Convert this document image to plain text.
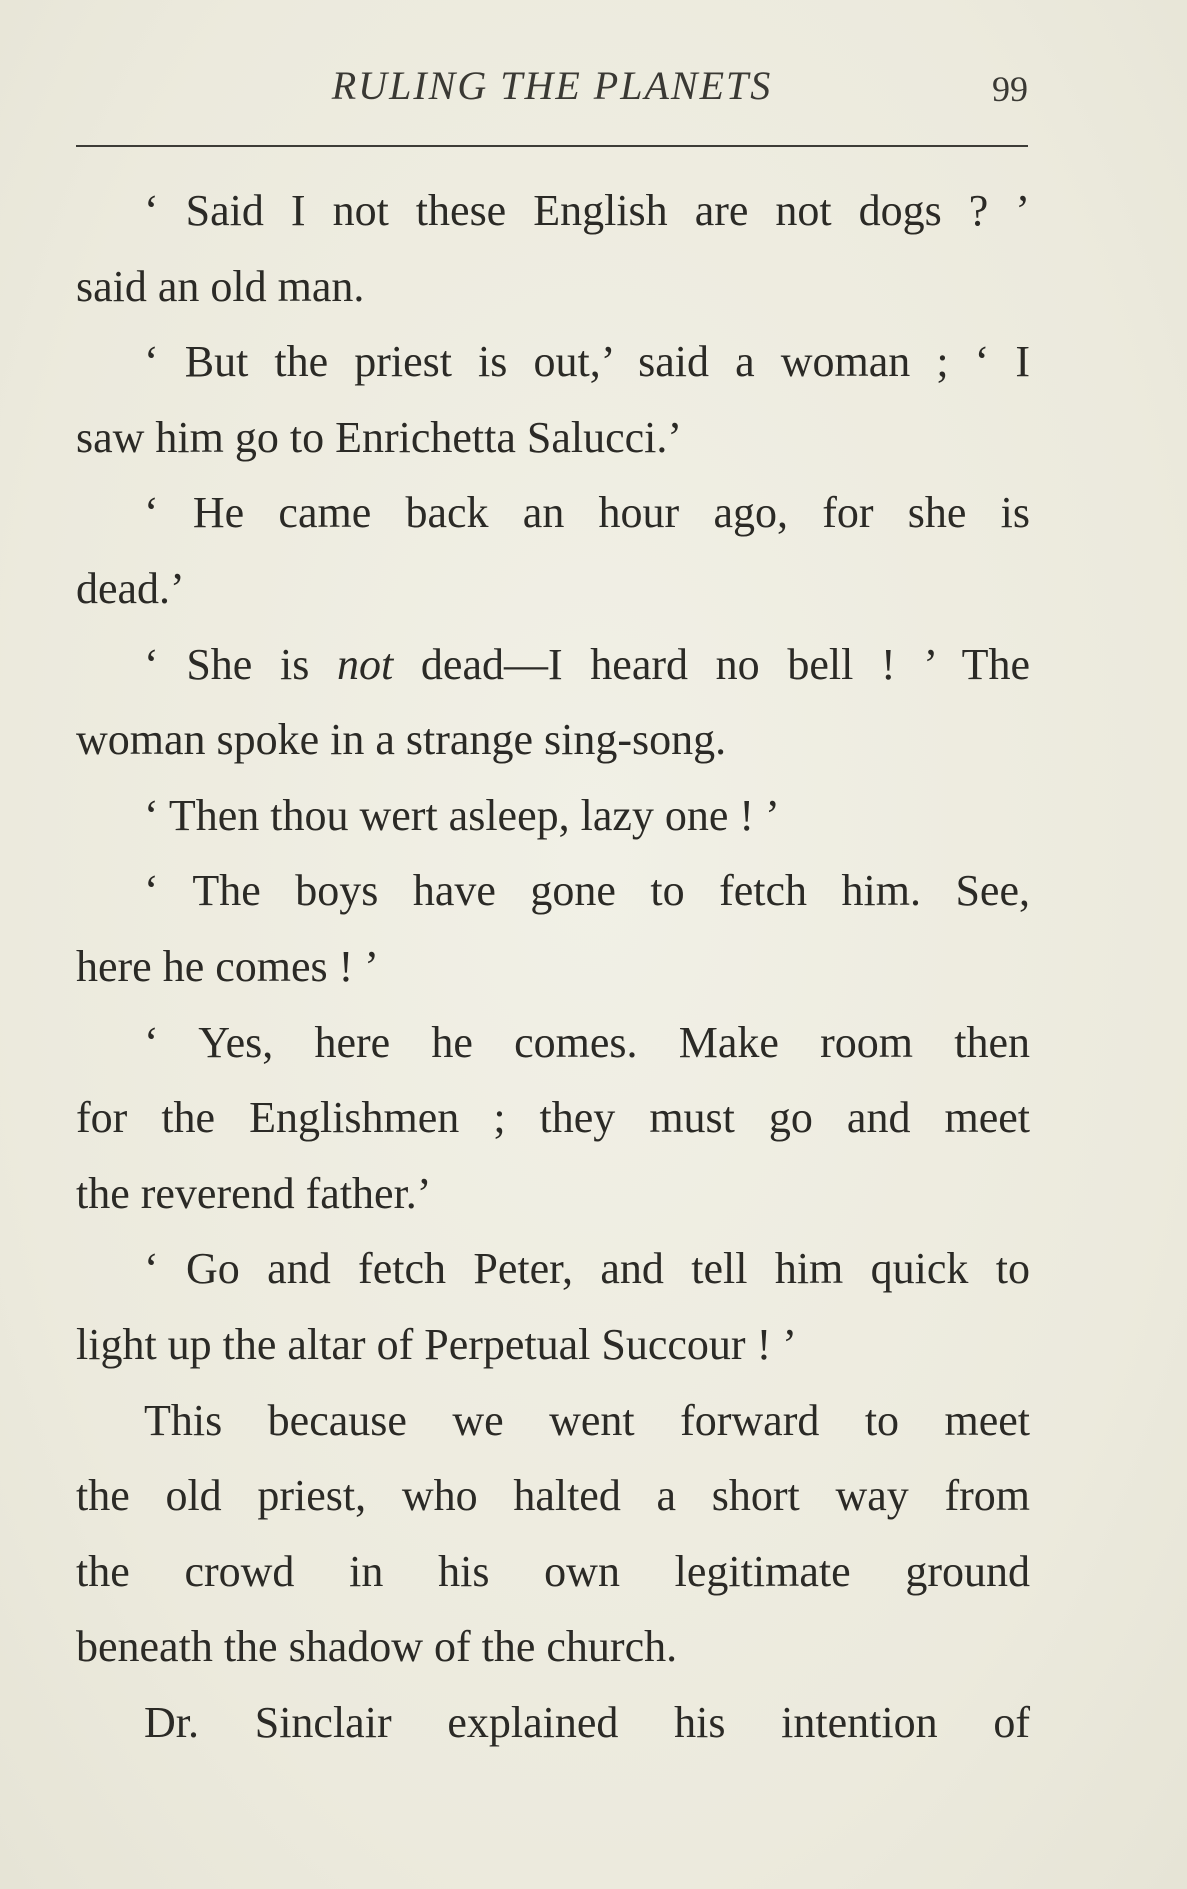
RULING THE PLANETS	99
‘ Said I not these English are not dogs ? ’
said an old man.
‘ But the priest is out,’ said a woman ; ‘ I
saw him go to Enrichetta Salucci.’
‘ He came back an hour ago, for she is
dead.’
‘ She is not dead—I heard no bell ! ’ The
woman spoke in a strange sing-song.
‘ Then thou wert asleep, lazy one ! ’
‘ The boys have gone to fetch him. See,
here he comes ! ’
‘ Yes, here he comes. Make room then
for the Englishmen ; they must go and meet
the reverend father.’
‘ Go and fetch Peter, and tell him quick to
light up the altar of Perpetual Succour ! ’
This because we went forward to meet
the old priest, who halted a short way from
the crowd in his own legitimate ground
beneath the shadow of the church.
Dr. Sinclair explained his intention of
